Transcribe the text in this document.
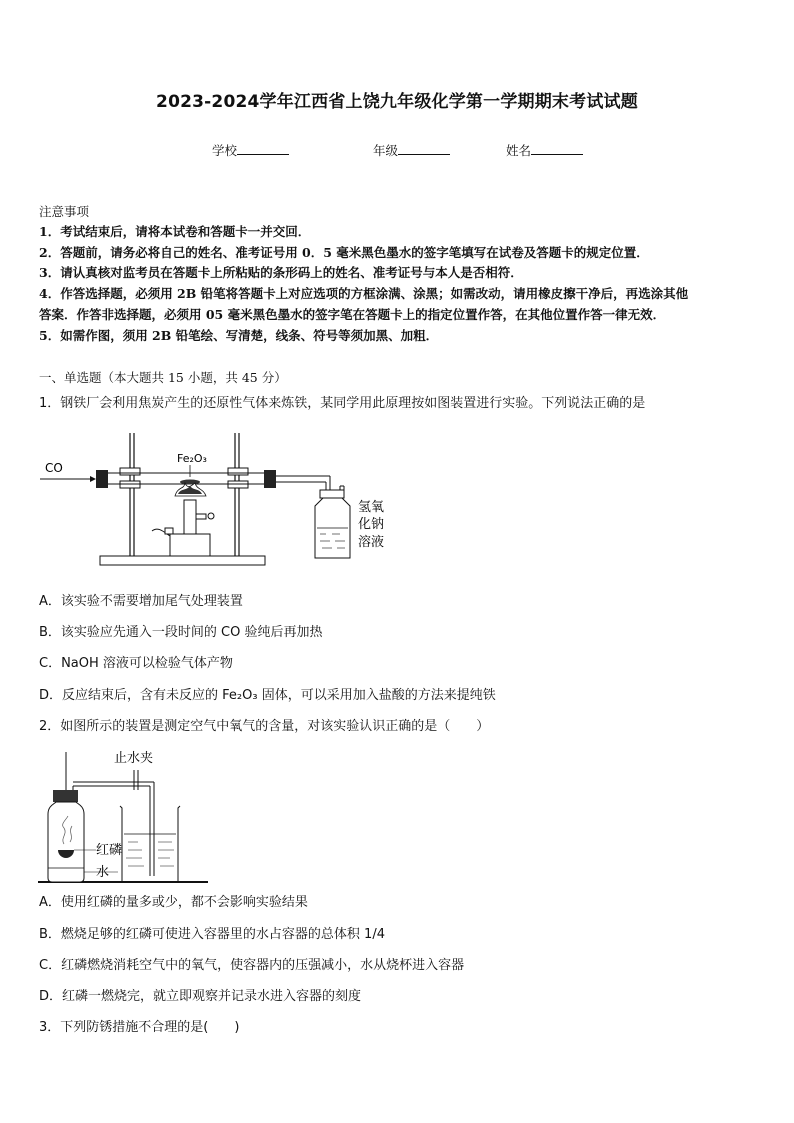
2023-2024学年江西省上饶九年级化学第一学期期末考试试题
学校	年级	姓名
注意事项
1．考试结束后，请将本试卷和答题卡一并交回．
2．答题前，请务必将自己的姓名、准考证号用 0．5 毫米黑色墨水的签字笔填写在试卷及答题卡的规定位置．
3．请认真核对监考员在答题卡上所粘贴的条形码上的姓名、准考证号与本人是否相符．
4．作答选择题，必须用 2B 铅笔将答题卡上对应选项的方框涂满、涂黑；如需改动，请用橡皮擦干净后，再选涂其他
答案．作答非选择题，必须用 05 毫米黑色墨水的签字笔在答题卡上的指定位置作答，在其他位置作答一律无效．
5．如需作图，须用 2B 铅笔绘、写清楚，线条、符号等须加黑、加粗．
一、单选题（本大题共 15 小题，共 45 分）
1．钢铁厂会利用焦炭产生的还原性气体来炼铁，某同学用此原理按如图装置进行实验。下列说法正确的是
CO
Fe₂O₃
氢氧
化钠
溶液
A．该实验不需要增加尾气处理装置
B．该实验应先通入一段时间的 CO 验纯后再加热
C．NaOH 溶液可以检验气体产物
D．反应结束后，含有未反应的 Fe₂O₃ 固体，可以采用加入盐酸的方法来提纯铁
2．如图所示的装置是测定空气中氧气的含量，对该实验认识正确的是（　　）
止水夹
红磷
水
A．使用红磷的量多或少，都不会影响实验结果
B．燃烧足够的红磷可使进入容器里的水占容器的总体积 1/4
C．红磷燃烧消耗空气中的氧气，使容器内的压强减小，水从烧杯进入容器
D．红磷一燃烧完，就立即观察并记录水进入容器的刻度
3．下列防锈措施不合理的是(　　)
